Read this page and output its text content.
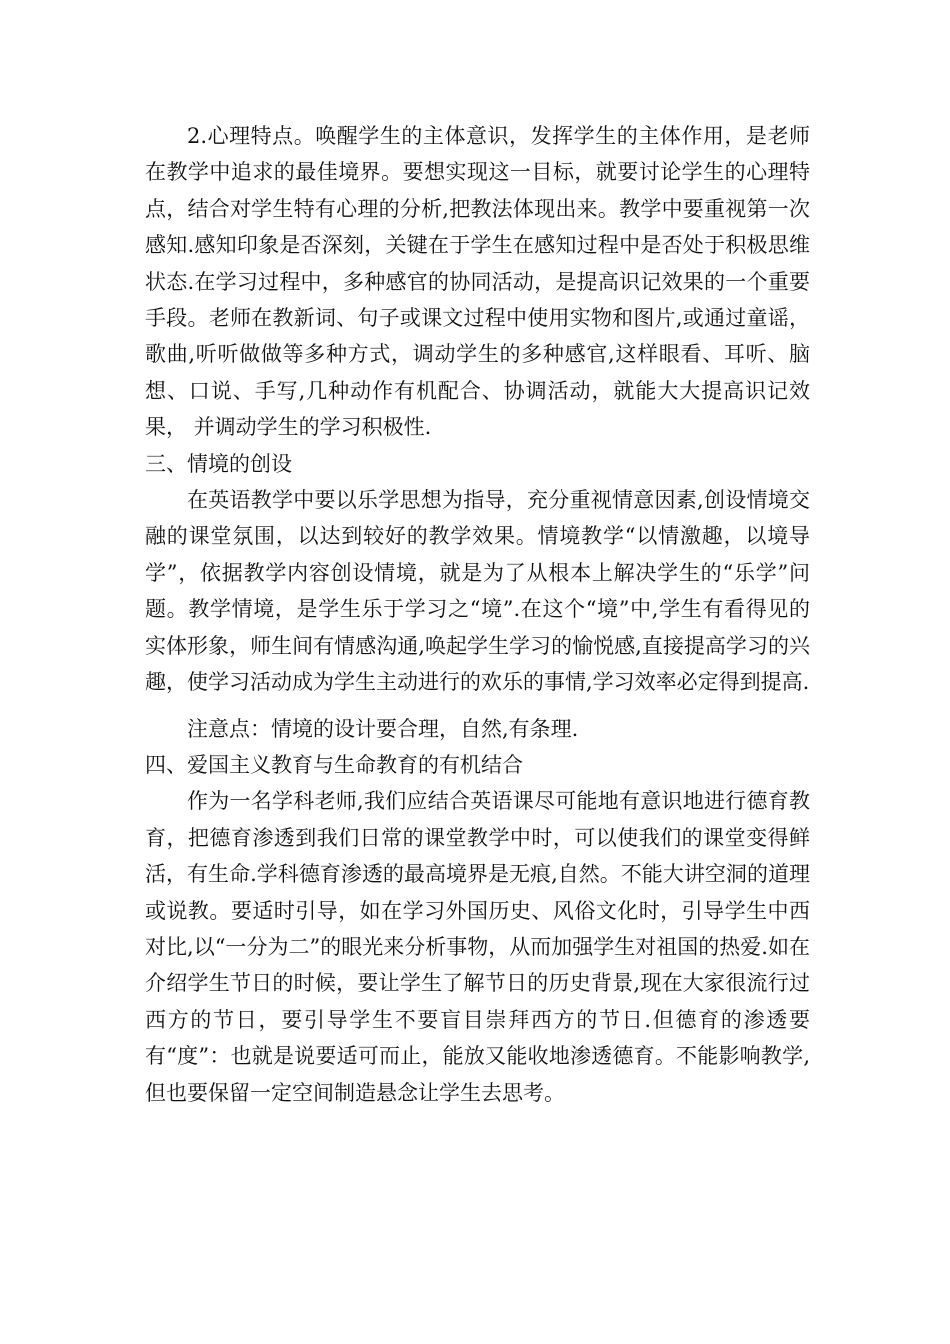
2.心理特点。唤醒学生的主体意识，发挥学生的主体作用，是老师在教学中追求的最佳境界。要想实现这一目标，就要讨论学生的心理特点，结合对学生特有心理的分析,把教法体现出来。教学中要重视第一次感知.感知印象是否深刻，关键在于学生在感知过程中是否处于积极思维状态.在学习过程中，多种感官的协同活动，是提高识记效果的一个重要手段。老师在教新词、句子或课文过程中使用实物和图片,或通过童谣，歌曲,听听做做等多种方式，调动学生的多种感官,这样眼看、耳听、脑想、口说、手写,几种动作有机配合、协调活动，就能大大提高识记效果， 并调动学生的学习积极性.

三、情境的创设

在英语教学中要以乐学思想为指导，充分重视情意因素,创设情境交融的课堂氛围，以达到较好的教学效果。情境教学“以情激趣，以境导学”，依据教学内容创设情境，就是为了从根本上解决学生的“乐学”问题。教学情境，是学生乐于学习之“境”.在这个“境”中,学生有看得见的实体形象，师生间有情感沟通,唤起学生学习的愉悦感,直接提高学习的兴趣，使学习活动成为学生主动进行的欢乐的事情,学习效率必定得到提高.

注意点：情境的设计要合理，自然,有条理.

四、爱国主义教育与生命教育的有机结合

作为一名学科老师,我们应结合英语课尽可能地有意识地进行德育教育，把德育渗透到我们日常的课堂教学中时，可以使我们的课堂变得鲜活，有生命.学科德育渗透的最高境界是无痕,自然。不能大讲空洞的道理或说教。要适时引导，如在学习外国历史、风俗文化时，引导学生中西对比,以“一分为二”的眼光来分析事物，从而加强学生对祖国的热爱.如在介绍学生节日的时候，要让学生了解节日的历史背景,现在大家很流行过西方的节日，要引导学生不要盲目崇拜西方的节日.但德育的渗透要有“度”：也就是说要适可而止，能放又能收地渗透德育。不能影响教学,但也要保留一定空间制造悬念让学生去思考。
